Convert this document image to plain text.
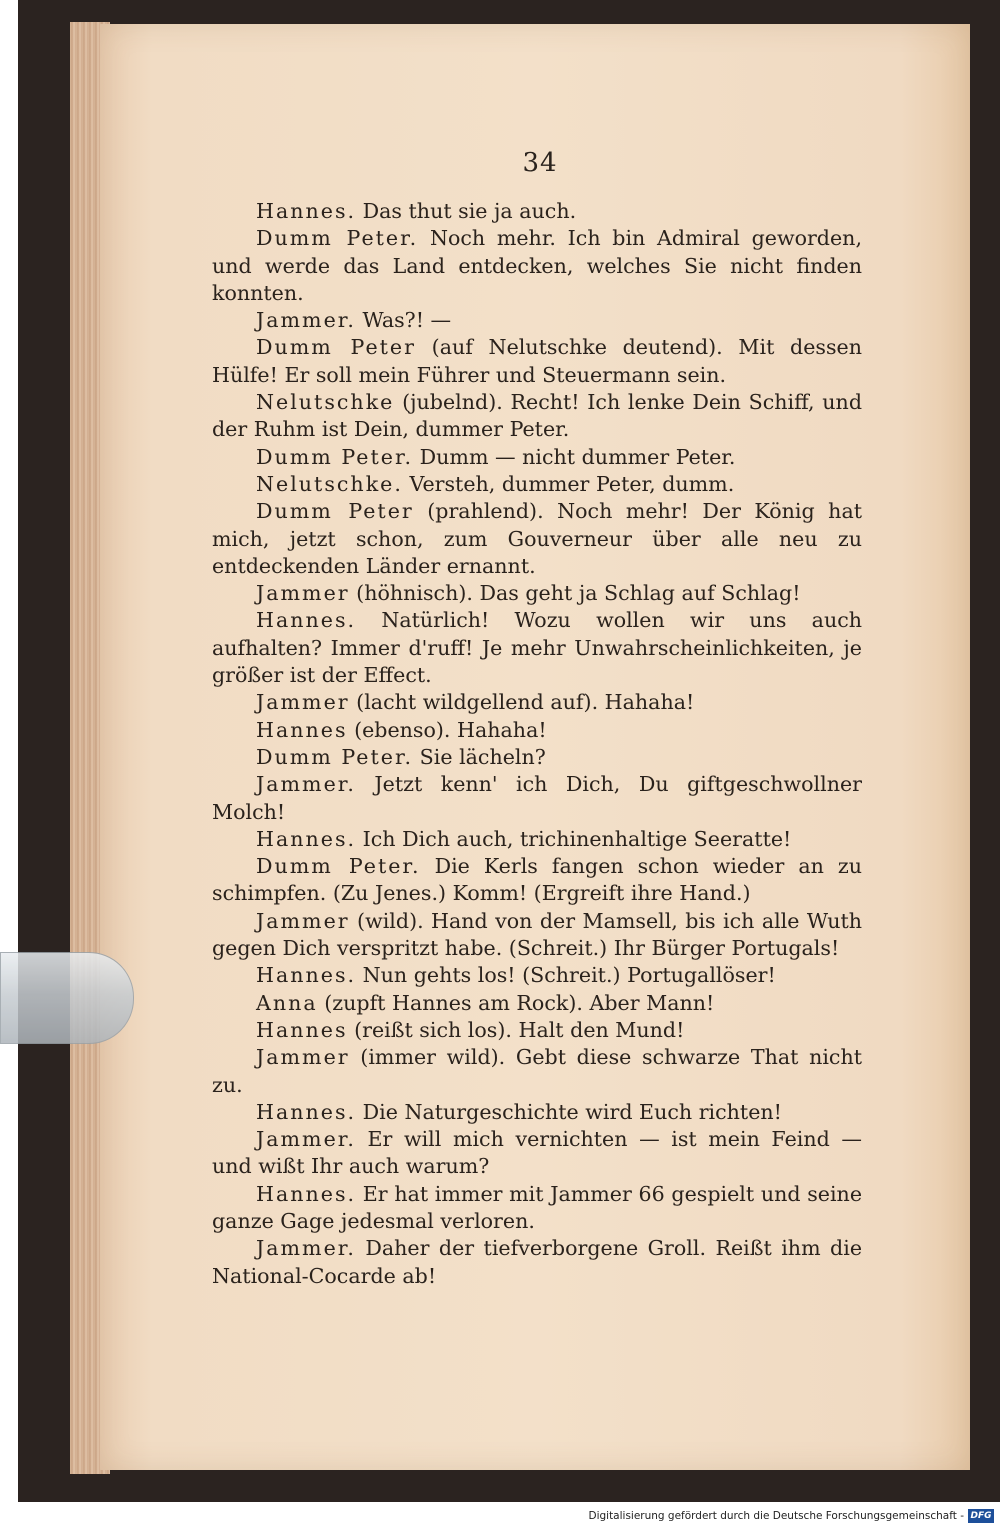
34

Hannes. Das thut sie ja auch.

Dumm Peter. Noch mehr. Ich bin Admiral geworden, und werde das Land entdecken, welches Sie nicht finden konnten.

Jammer. Was?! —

Dumm Peter (auf Nelutschke deutend). Mit dessen Hülfe! Er soll mein Führer und Steuermann sein.

Nelutschke (jubelnd). Recht! Ich lenke Dein Schiff, und der Ruhm ist Dein, dummer Peter.

Dumm Peter. Dumm — nicht dummer Peter.

Nelutschke. Versteh, dummer Peter, dumm.

Dumm Peter (prahlend). Noch mehr! Der König hat mich, jetzt schon, zum Gouverneur über alle neu zu entdeckenden Länder ernannt.

Jammer (höhnisch). Das geht ja Schlag auf Schlag!

Hannes. Natürlich! Wozu wollen wir uns auch aufhalten? Immer d'ruff! Je mehr Unwahrscheinlichkeiten, je größer ist der Effect.

Jammer (lacht wildgellend auf). Hahaha!

Hannes (ebenso). Hahaha!

Dumm Peter. Sie lächeln?

Jammer. Jetzt kenn' ich Dich, Du giftgeschwollner Molch!

Hannes. Ich Dich auch, trichinenhaltige Seeratte!

Dumm Peter. Die Kerls fangen schon wieder an zu schimpfen. (Zu Jenes.) Komm! (Ergreift ihre Hand.)

Jammer (wild). Hand von der Mamsell, bis ich alle Wuth gegen Dich verspritzt habe. (Schreit.) Ihr Bürger Portugals!

Hannes. Nun gehts los! (Schreit.) Portugallöser!

Anna (zupft Hannes am Rock). Aber Mann!

Hannes (reißt sich los). Halt den Mund!

Jammer (immer wild). Gebt diese schwarze That nicht zu.

Hannes. Die Naturgeschichte wird Euch richten!

Jammer. Er will mich vernichten — ist mein Feind — und wißt Ihr auch warum?

Hannes. Er hat immer mit Jammer 66 gespielt und seine ganze Gage jedesmal verloren.

Jammer. Daher der tiefverborgene Groll. Reißt ihm die National-Cocarde ab!

Digitalisierung gefördert durch die Deutsche Forschungsgemeinschaft - DFG
